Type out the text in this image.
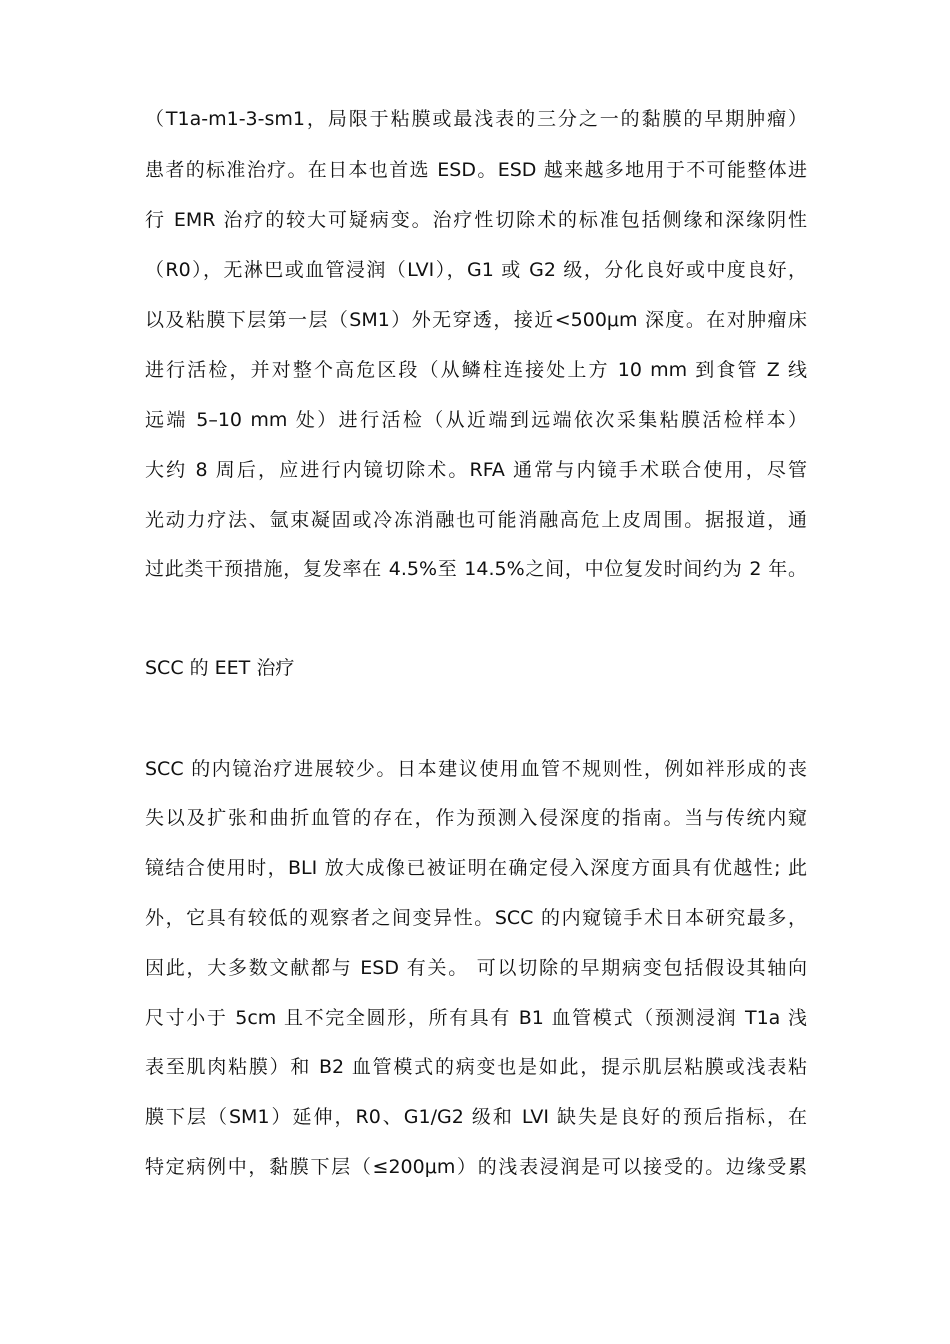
（T1a-m1-3-sm1，局限于粘膜或最浅表的三分之一的黏膜的早期肿瘤）
患者的标准治疗。在日本也首选 ESD。ESD 越来越多地用于不可能整体进
行 EMR 治疗的较大可疑病变。治疗性切除术的标准包括侧缘和深缘阴性
（R0），无淋巴或血管浸润（LVI），G1 或 G2 级，分化良好或中度良好，
以及粘膜下层第一层（SM1）外无穿透，接近<500μm 深度。在对肿瘤床
进行活检，并对整个高危区段（从鳞柱连接处上方 10 mm 到食管 Z 线
远端 5–10 mm 处）进行活检（从近端到远端依次采集粘膜活检样本）
大约 8 周后，应进行内镜切除术。RFA 通常与内镜手术联合使用，尽管
光动力疗法、氩束凝固或冷冻消融也可能消融高危上皮周围。据报道，通
过此类干预措施，复发率在 4.5%至 14.5%之间，中位复发时间约为 2 年。
SCC 的 EET 治疗
SCC 的内镜治疗进展较少。日本建议使用血管不规则性，例如袢形成的丧
失以及扩张和曲折血管的存在，作为预测入侵深度的指南。当与传统内窥
镜结合使用时，BLI 放大成像已被证明在确定侵入深度方面具有优越性; 此
外，它具有较低的观察者之间变异性。SCC 的内窥镜手术日本研究最多，
因此，大多数文献都与 ESD 有关。 可以切除的早期病变包括假设其轴向
尺寸小于 5cm 且不完全圆形，所有具有 B1 血管模式（预测浸润 T1a 浅
表至肌肉粘膜）和 B2 血管模式的病变也是如此，提示肌层粘膜或浅表粘
膜下层（SM1）延伸，R0、G1/G2 级和 LVI 缺失是良好的预后指标，在
特定病例中，黏膜下层（≤200μm）的浅表浸润是可以接受的。边缘受累
